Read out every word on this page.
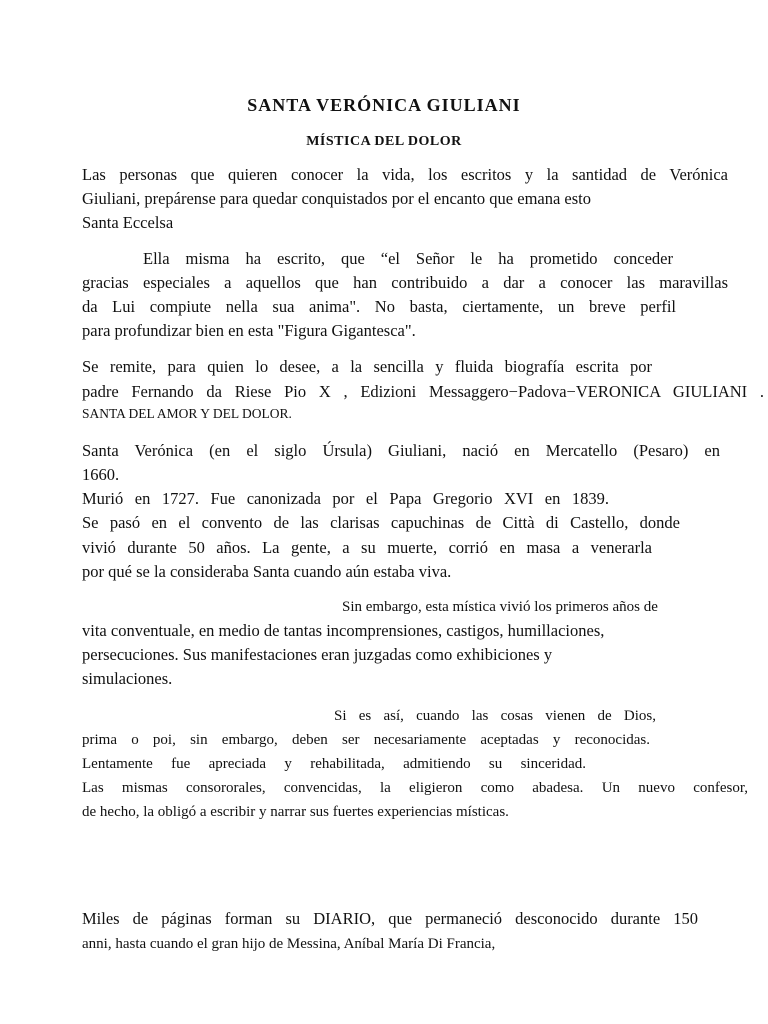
SANTA VERÓNICA GIULIANI
MÍSTICA DEL DOLOR
Las personas que quieren conocer la vida, los escritos y la santidad de Verónica
Giuliani, prepárense para quedar conquistados por el encanto que emana esto
Santa Eccelsa
Ella misma ha escrito, que “el Señor le ha prometido conceder
gracias especiales a aquellos que han contribuido a dar a conocer las maravillas
da Lui compiute nella sua anima". No basta, ciertamente, un breve perfil
para profundizar bien en esta "Figura Gigantesca".
Se remite, para quien lo desee, a la sencilla y fluida biografía escrita por
padre Fernando da Riese Pio X , Edizioni Messaggero−Padova−VERONICA GIULIANI .
SANTA DEL AMOR Y DEL DOLOR.
Santa Verónica (en el siglo Úrsula) Giuliani, nació en Mercatello (Pesaro) en
1660.
Murió en 1727. Fue canonizada por el Papa Gregorio XVI en 1839.
Se pasó en el convento de las clarisas capuchinas de Città di Castello, donde
vivió durante 50 años. La gente, a su muerte, corrió en masa a venerarla
por qué se la consideraba Santa cuando aún estaba viva.
Sin embargo, esta mística vivió los primeros años de
vita conventuale, en medio de tantas incomprensiones, castigos, humillaciones,
persecuciones. Sus manifestaciones eran juzgadas como exhibiciones y
simulaciones.
Si es así, cuando las cosas vienen de Dios,
prima o poi, sin embargo, deben ser necesariamente aceptadas y reconocidas.
Lentamente fue apreciada y rehabilitada, admitiendo su sinceridad.
Las mismas consororales, convencidas, la eligieron como abadesa. Un nuevo confesor,
de hecho, la obligó a escribir y narrar sus fuertes experiencias místicas.
Miles de páginas forman su DIARIO, que permaneció desconocido durante 150
anni, hasta cuando el gran hijo de Messina, Aníbal María Di Francia,
